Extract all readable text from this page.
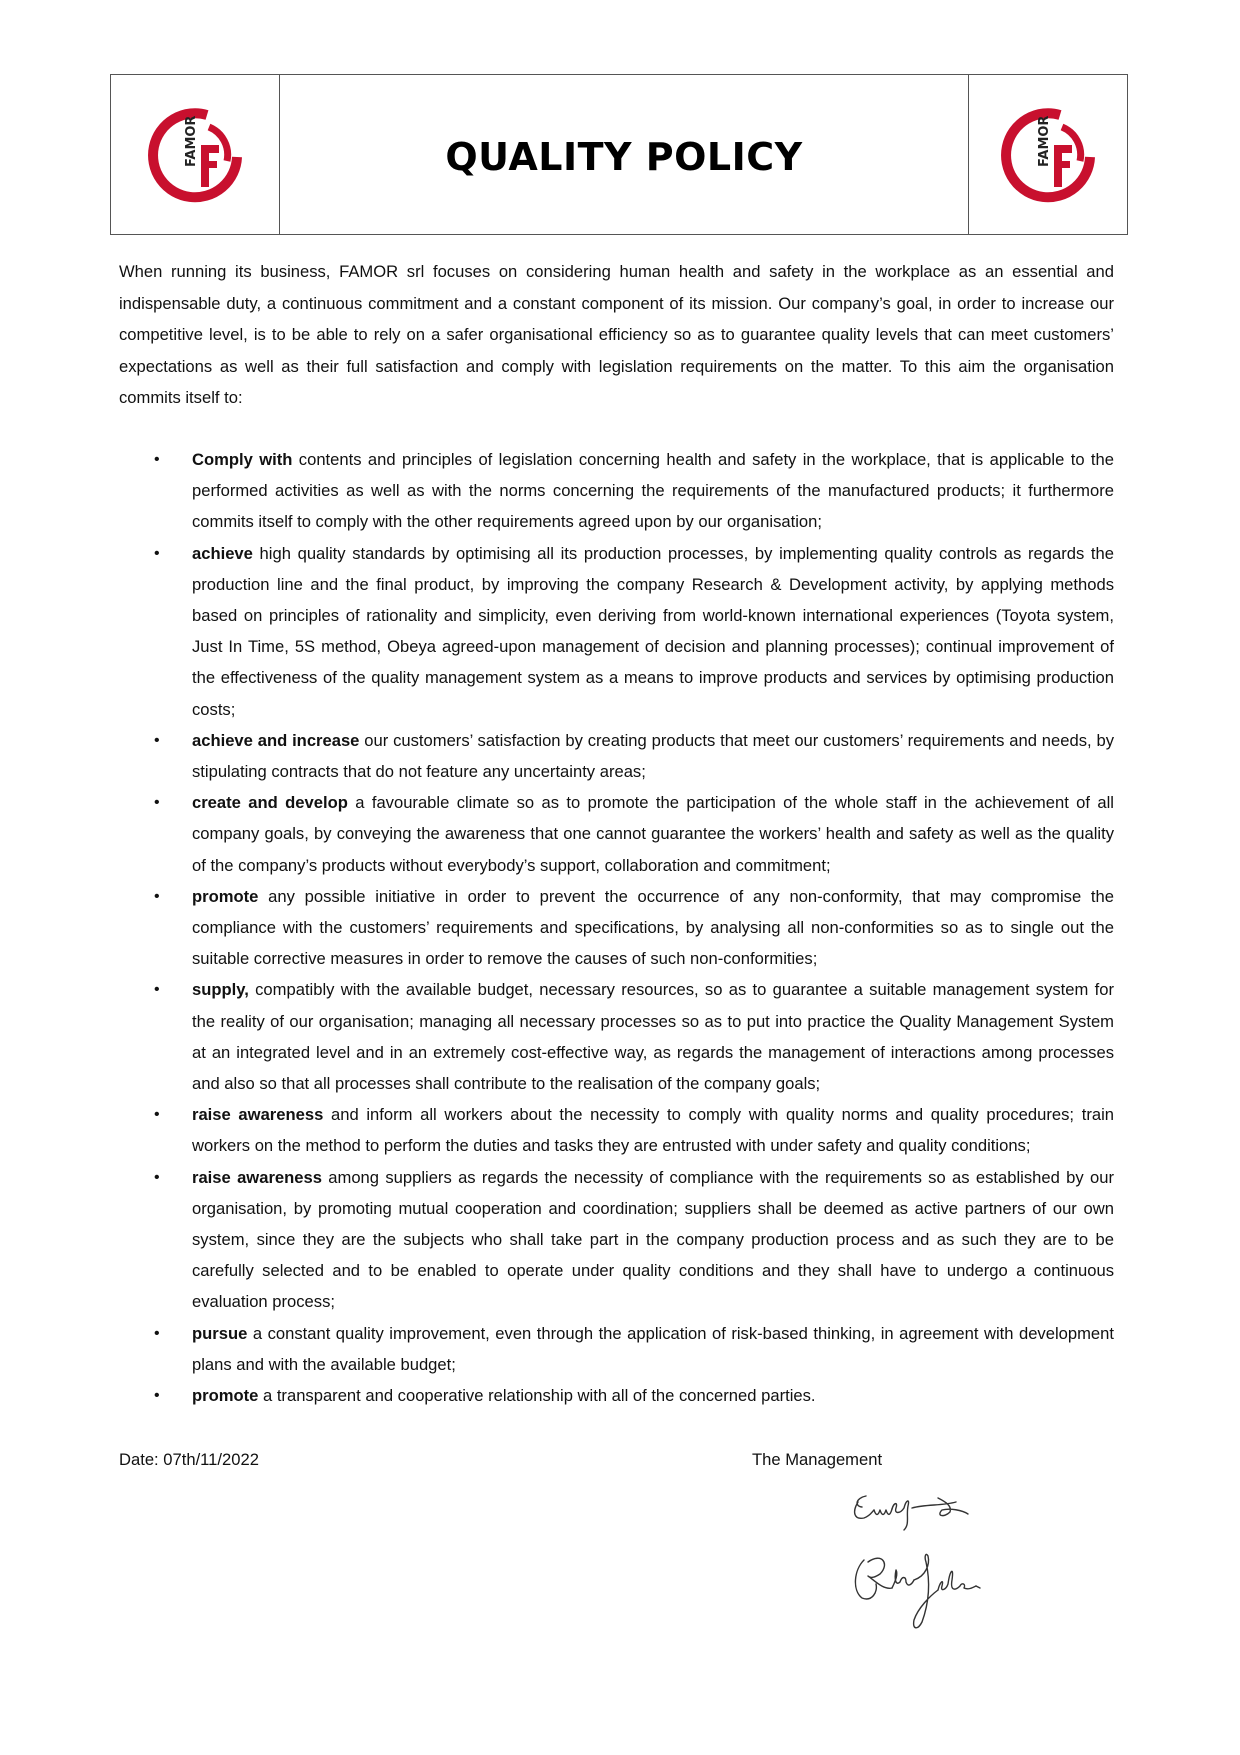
FAMOR	QUALITY POLICY	FAMOR

When running its business, FAMOR srl focuses on considering human health and safety in the workplace as an essential and indispensable duty, a continuous commitment and a constant component of its mission. Our company’s goal, in order to increase our competitive level, is to be able to rely on a safer organisational efficiency so as to guarantee quality levels that can meet customers’ expectations as well as their full satisfaction and comply with legislation requirements on the matter. To this aim the organisation commits itself to:

• Comply with contents and principles of legislation concerning health and safety in the workplace, that is applicable to the performed activities as well as with the norms concerning the requirements of the manufactured products; it furthermore commits itself to comply with the other requirements agreed upon by our organisation;
• achieve high quality standards by optimising all its production processes, by implementing quality controls as regards the production line and the final product, by improving the company Research & Development activity, by applying methods based on principles of rationality and simplicity, even deriving from world-known international experiences (Toyota system, Just In Time, 5S method, Obeya agreed-upon management of decision and planning processes); continual improvement of the effectiveness of the quality management system as a means to improve products and services by optimising production costs;
• achieve and increase our customers’ satisfaction by creating products that meet our customers’ requirements and needs, by stipulating contracts that do not feature any uncertainty areas;
• create and develop a favourable climate so as to promote the participation of the whole staff in the achievement of all company goals, by conveying the awareness that one cannot guarantee the workers’ health and safety as well as the quality of the company’s products without everybody’s support, collaboration and commitment;
• promote any possible initiative in order to prevent the occurrence of any non-conformity, that may compromise the compliance with the customers’ requirements and specifications, by analysing all non-conformities so as to single out the suitable corrective measures in order to remove the causes of such non-conformities;
• supply, compatibly with the available budget, necessary resources, so as to guarantee a suitable management system for the reality of our organisation; managing all necessary processes so as to put into practice the Quality Management System at an integrated level and in an extremely cost-effective way, as regards the management of interactions among processes and also so that all processes shall contribute to the realisation of the company goals;
• raise awareness and inform all workers about the necessity to comply with quality norms and quality procedures; train workers on the method to perform the duties and tasks they are entrusted with under safety and quality conditions;
• raise awareness among suppliers as regards the necessity of compliance with the requirements so as established by our organisation, by promoting mutual cooperation and coordination; suppliers shall be deemed as active partners of our own system, since they are the subjects who shall take part in the company production process and as such they are to be carefully selected and to be enabled to operate under quality conditions and they shall have to undergo a continuous evaluation process;
• pursue a constant quality improvement, even through the application of risk-based thinking, in agreement with development plans and with the available budget;
• promote a transparent and cooperative relationship with all of the concerned parties.
Date: 07th/11/2022	The Management
